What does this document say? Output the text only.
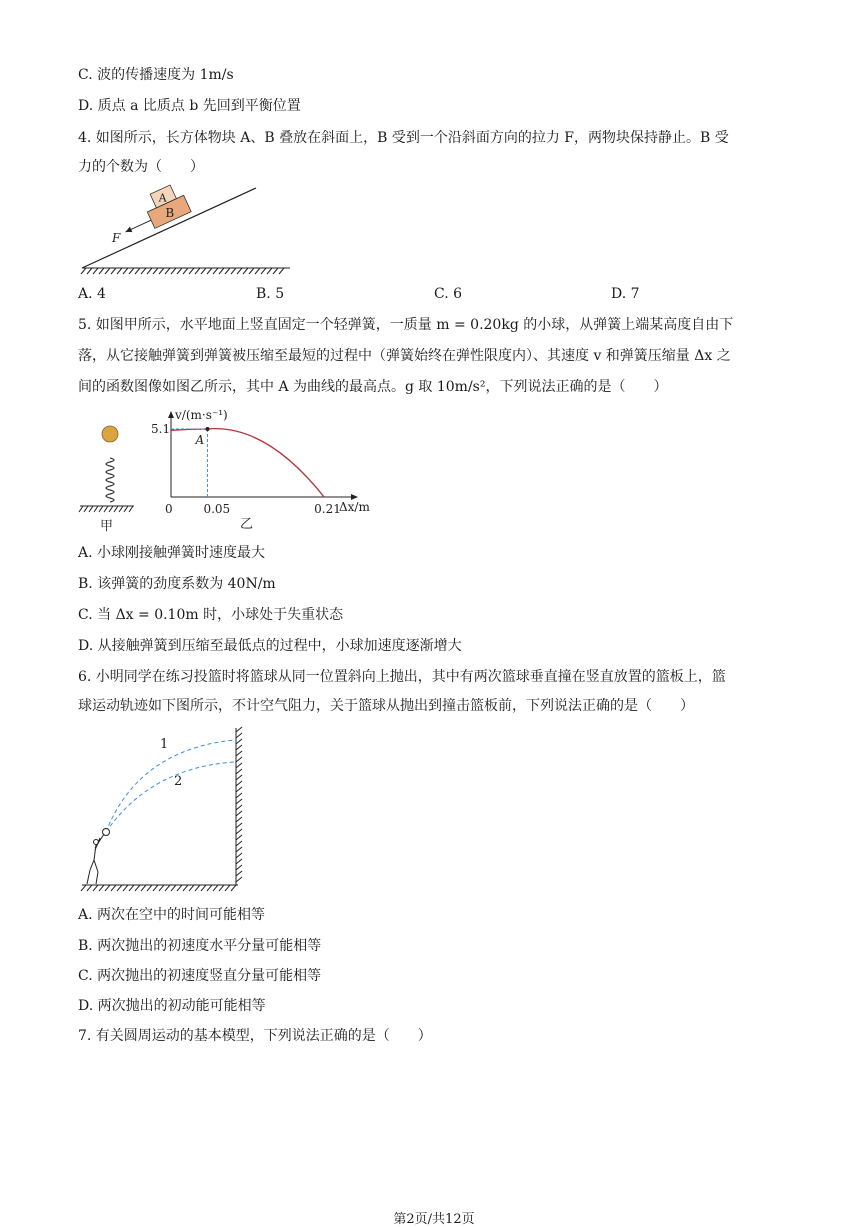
C. 波的传播速度为 1m/s
D. 质点 a 比质点 b 先回到平衡位置
4. 如图所示，长方体物块 A、B 叠放在斜面上，B 受到一个沿斜面方向的拉力 F，两物块保持静止。B 受
力的个数为（　　）
B
A
F
A. 4	B. 5	C. 6	D. 7
5. 如图甲所示，水平地面上竖直固定一个轻弹簧，一质量 m = 0.20kg 的小球，从弹簧上端某高度自由下
落，从它接触弹簧到弹簧被压缩至最短的过程中（弹簧始终在弹性限度内）、其速度 v 和弹簧压缩量 Δx 之
间的函数图像如图乙所示，其中 A 为曲线的最高点。g 取 10m/s²，下列说法正确的是（　　）
甲
v/(m·s⁻¹)
Δx/m
乙
A
5.1
0	0.05	0.21
A. 小球刚接触弹簧时速度最大
B. 该弹簧的劲度系数为 40N/m
C. 当 Δx = 0.10m 时，小球处于失重状态
D. 从接触弹簧到压缩至最低点的过程中，小球加速度逐渐增大
6. 小明同学在练习投篮时将篮球从同一位置斜向上抛出，其中有两次篮球垂直撞在竖直放置的篮板上，篮
球运动轨迹如下图所示，不计空气阻力，关于篮球从抛出到撞击篮板前，下列说法正确的是（　　）
1
2
A. 两次在空中的时间可能相等
B. 两次抛出的初速度水平分量可能相等
C. 两次抛出的初速度竖直分量可能相等
D. 两次抛出的初动能可能相等
7. 有关圆周运动的基本模型，下列说法正确的是（　　）
第2页/共12页
